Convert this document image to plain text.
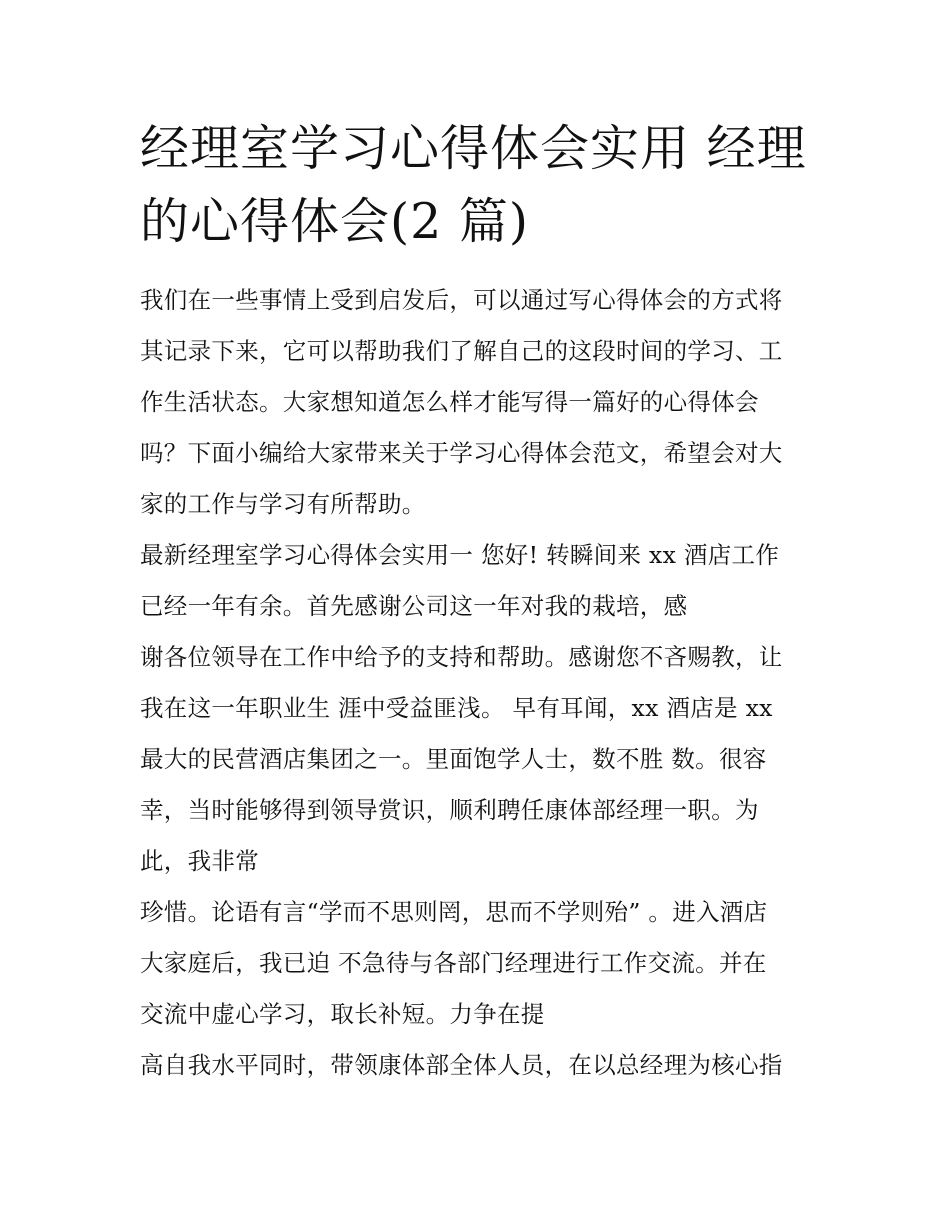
经理室学习心得体会实用 经理
的心得体会(2 篇)
我们在一些事情上受到启发后，可以通过写心得体会的方式将
其记录下来，它可以帮助我们了解自己的这段时间的学习、工
作生活状态。大家想知道怎么样才能写得一篇好的心得体会
吗？下面小编给大家带来关于学习心得体会范文，希望会对大
家的工作与学习有所帮助。
最新经理室学习心得体会实用一 您好! 转瞬间来 xx 酒店工作
已经一年有余。首先感谢公司这一年对我的栽培，感
谢各位领导在工作中给予的支持和帮助。感谢您不吝赐教，让
我在这一年职业生 涯中受益匪浅。 早有耳闻，xx 酒店是 xx
最大的民营酒店集团之一。里面饱学人士，数不胜 数。很容
幸，当时能够得到领导赏识，顺利聘任康体部经理一职。为
此，我非常
珍惜。论语有言“学而不思则罔，思而不学则殆” 。进入酒店
大家庭后，我已迫 不急待与各部门经理进行工作交流。并在
交流中虚心学习，取长补短。力争在提
高自我水平同时，带领康体部全体人员，在以总经理为核心指
